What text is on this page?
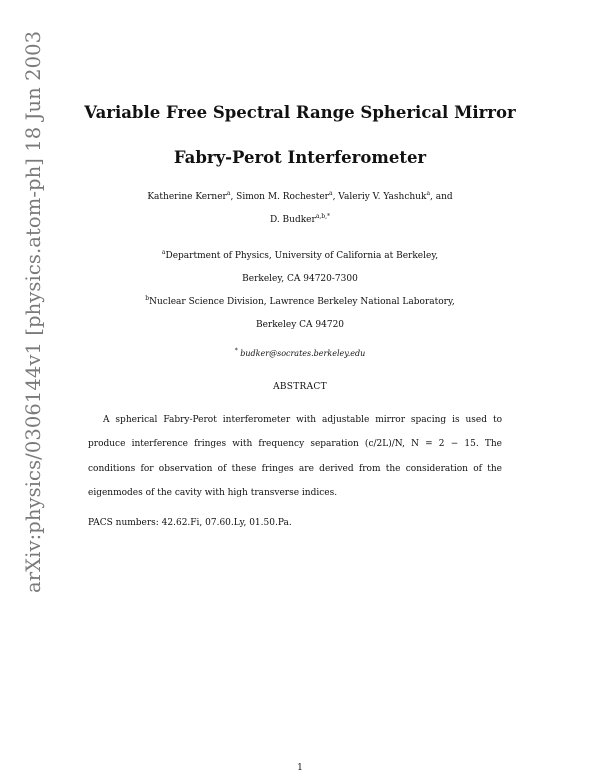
arXiv:physics/0306144v1 [physics.atom-ph] 18 Jun 2003	Variable Free Spectral Range Spherical Mirror
Fabry-Perot Interferometer
Katherine Kerner$^a$, Simon M. Rochester$^a$, Valeriy V. Yashchuk$^a$, and
D. Budker$^{a,b,*}$
$^a$Department of Physics, University of California at Berkeley,
Berkeley, CA 94720-7300
$^b$Nuclear Science Division, Lawrence Berkeley National Laboratory,
Berkeley CA 94720
* budker@socrates.berkeley.edu
ABSTRACT
A spherical Fabry-Perot interferometer with adjustable mirror spacing is used to produce interference fringes with frequency separation (c/2L)/N, N = 2 − 15. The conditions for observation of these fringes are derived from the consideration of the eigenmodes of the cavity with high transverse indices.
PACS numbers: 42.62.Fi, 07.60.Ly, 01.50.Pa.
1
